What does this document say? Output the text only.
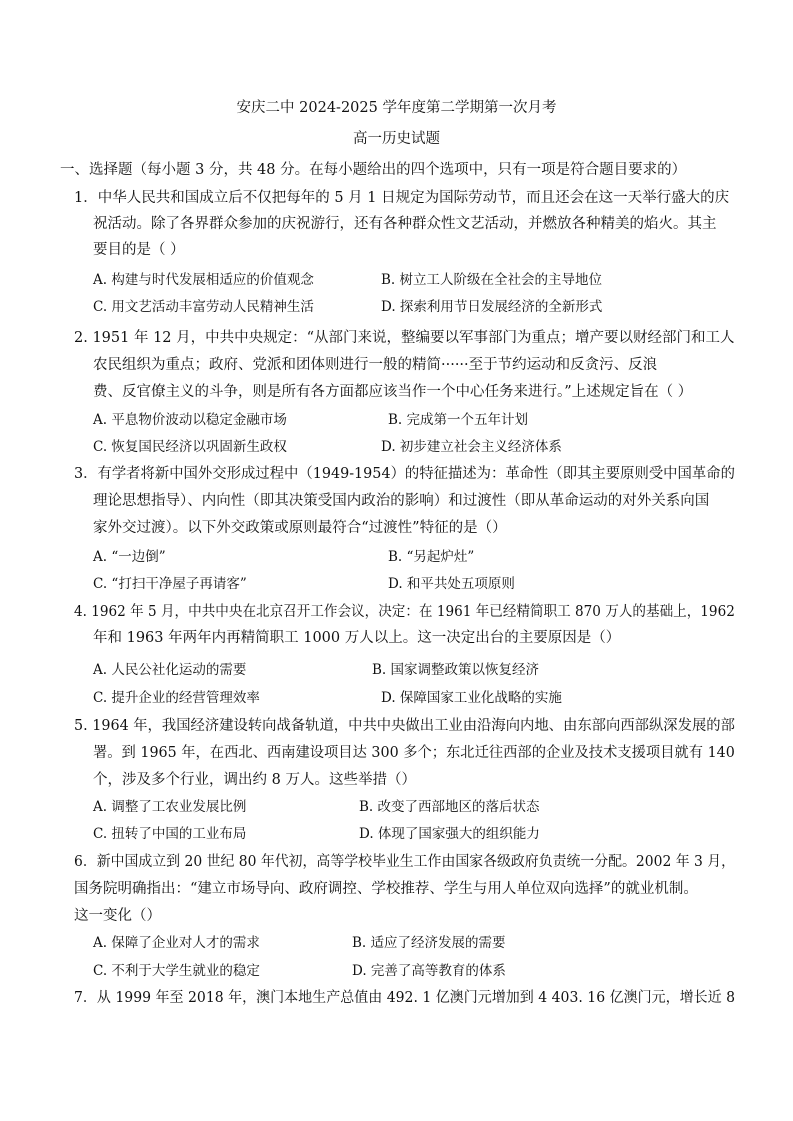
安庆二中 2024-2025 学年度第二学期第一次月考
高一历史试题
一、选择题（每小题 3 分，共 48 分。在每小题给出的四个选项中，只有一项是符合题目要求的）
1．中华人民共和国成立后不仅把每年的 5 月 1 日规定为国际劳动节，而且还会在这一天举行盛大的庆
祝活动。除了各界群众参加的庆祝游行，还有各种群众性文艺活动，并燃放各种精美的焰火。其主
要目的是（ ）
A. 构建与时代发展相适应的价值观念	B. 树立工人阶级在全社会的主导地位
C. 用文艺活动丰富劳动人民精神生活	D. 探索利用节日发展经济的全新形式
2. 1951 年 12 月，中共中央规定：“从部门来说，整编要以军事部门为重点；增产要以财经部门和工人
农民组织为重点；政府、党派和团体则进行一般的精简······至于节约运动和反贪污、反浪
费、反官僚主义的斗争，则是所有各方面都应该当作一个中心任务来进行。”上述规定旨在（ ）
A. 平息物价波动以稳定金融市场	B. 完成第一个五年计划
C. 恢复国民经济以巩固新生政权	D. 初步建立社会主义经济体系
3．有学者将新中国外交形成过程中（1949-1954）的特征描述为：革命性（即其主要原则受中国革命的
理论思想指导）、内向性（即其决策受国内政治的影响）和过渡性（即从革命运动的对外关系向国
家外交过渡）。以下外交政策或原则最符合“过渡性”特征的是（）
A. “一边倒”	B. “另起炉灶”
C. “打扫干净屋子再请客”	D. 和平共处五项原则
4. 1962 年 5 月，中共中央在北京召开工作会议，决定：在 1961 年已经精简职工 870 万人的基础上，1962
年和 1963 年两年内再精简职工 1000 万人以上。这一决定出台的主要原因是（）
A. 人民公社化运动的需要	B. 国家调整政策以恢复经济
C. 提升企业的经营管理效率	D. 保障国家工业化战略的实施
5. 1964 年，我国经济建设转向战备轨道，中共中央做出工业由沿海向内地、由东部向西部纵深发展的部
署。到 1965 年，在西北、西南建设项目达 300 多个；东北迁往西部的企业及技术支援项目就有 140
个，涉及多个行业，调出约 8 万人。这些举措（）
A. 调整了工农业发展比例	B. 改变了西部地区的落后状态
C. 扭转了中国的工业布局	D. 体现了国家强大的组织能力
6．新中国成立到 20 世纪 80 年代初，高等学校毕业生工作由国家各级政府负责统一分配。2002 年 3 月，
国务院明确指出：“建立市场导向、政府调控、学校推荐、学生与用人单位双向选择”的就业机制。
这一变化（）
A. 保障了企业对人才的需求	B. 适应了经济发展的需要
C. 不利于大学生就业的稳定	D. 完善了高等教育的体系
7．从 1999 年至 2018 年，澳门本地生产总值由 492. 1 亿澳门元增加到 4 403. 16 亿澳门元，增长近 8
